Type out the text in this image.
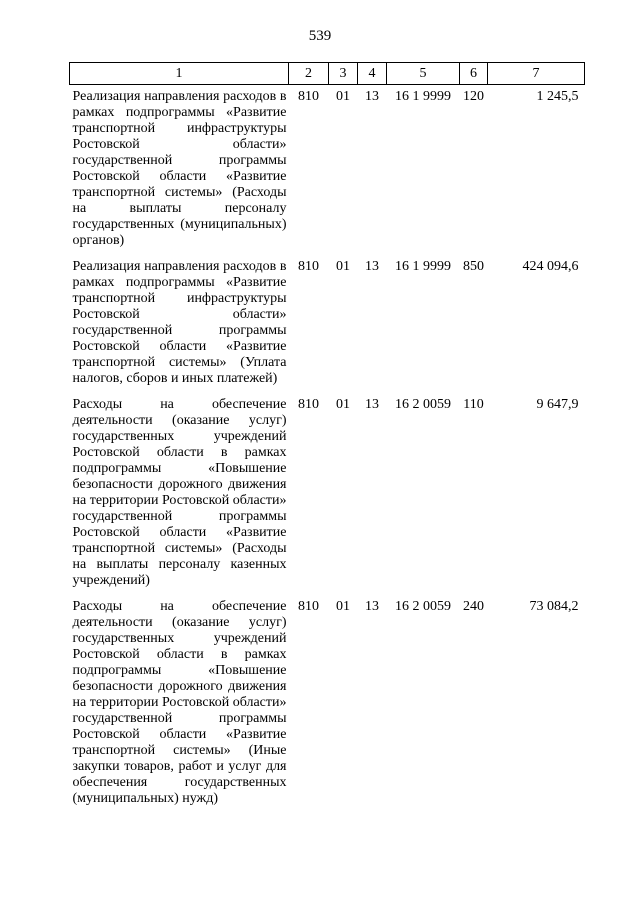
539
1	2	3	4	5	6	7
Реализация направления расходов в рамках подпрограммы «Развитие транспортной инфраструктуры Ростовской области» государственной программы Ростовской области «Развитие транспортной системы» (Расходы на выплаты персоналу государственных (муниципальных) органов)	810	01	13	16 1 9999	120	1 245,5
Реализация направления расходов в рамках подпрограммы «Развитие транспортной инфраструктуры Ростовской области» государственной программы Ростовской области «Развитие транспортной системы» (Уплата налогов, сборов и иных платежей)	810	01	13	16 1 9999	850	424 094,6
Расходы на обеспечение деятельности (оказание услуг) государственных учреждений Ростовской области в рамках подпрограммы «Повышение безопасности дорожного движения на территории Ростовской области» государственной программы Ростовской области «Развитие транспортной системы» (Расходы на выплаты персоналу казенных учреждений)	810	01	13	16 2 0059	110	9 647,9
Расходы на обеспечение деятельности (оказание услуг) государственных учреждений Ростовской области в рамках подпрограммы «Повышение безопасности дорожного движения на территории Ростовской области» государственной программы Ростовской области «Развитие транспортной системы» (Иные закупки товаров, работ и услуг для обеспечения государственных (муниципальных) нужд)	810	01	13	16 2 0059	240	73 084,2
